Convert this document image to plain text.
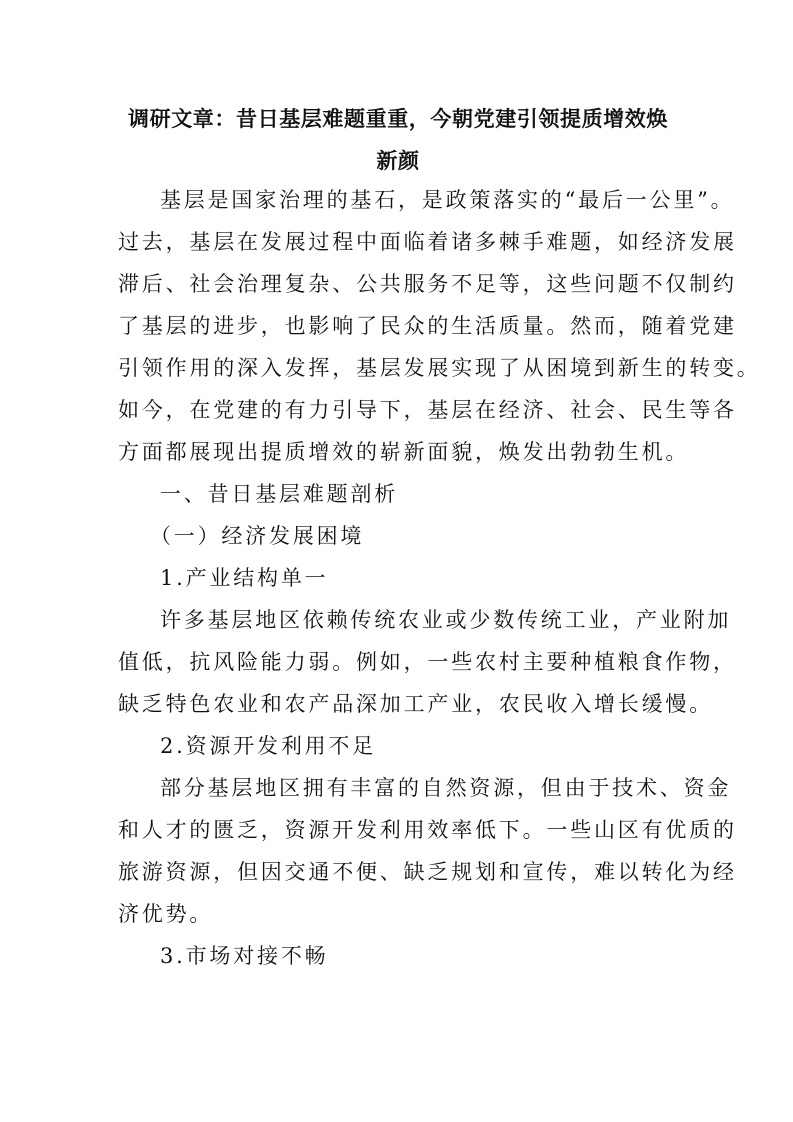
调研文章：昔日基层难题重重，今朝党建引领提质增效焕新颜

基层是国家治理的基石，是政策落实的“最后一公里”。

过去，基层在发展过程中面临着诸多棘手难题，如经济发展

滞后、社会治理复杂、公共服务不足等，这些问题不仅制约

了基层的进步，也影响了民众的生活质量。然而，随着党建

引领作用的深入发挥，基层发展实现了从困境到新生的转变。

如今，在党建的有力引导下，基层在经济、社会、民生等各

方面都展现出提质增效的崭新面貌，焕发出勃勃生机。

一、昔日基层难题剖析

（一）经济发展困境

1.产业结构单一

许多基层地区依赖传统农业或少数传统工业，产业附加

值低，抗风险能力弱。例如，一些农村主要种植粮食作物，

缺乏特色农业和农产品深加工产业，农民收入增长缓慢。

2.资源开发利用不足

部分基层地区拥有丰富的自然资源，但由于技术、资金

和人才的匮乏，资源开发利用效率低下。一些山区有优质的

旅游资源，但因交通不便、缺乏规划和宣传，难以转化为经

济优势。

3.市场对接不畅
